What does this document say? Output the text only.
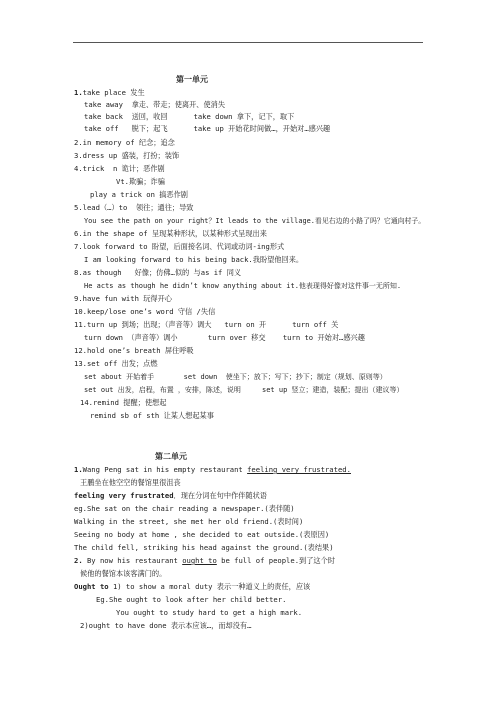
第一单元
1.take place 发生
take away  拿走、带走；使离开、使消失
take back  送回，收回      take down 拿下，记下，取下
take off   脱下；起飞      take up 开始花时间做…，开始对…感兴趣
2.in memory of 纪念；追念
3.dress up 盛装，打扮；装饰
4.trick  n 诡计；恶作剧
Vt.欺骗；诈骗
play a trick on 搞恶作剧
5.lead（…）to  领往；通往；导致
You see the path on your right？It leads to the village.看见右边的小路了吗？它通向村子。
6.in the shape of 呈现某种形状，以某种形式呈现出来
7.look forward to 盼望，后面接名词、代词或动词-ing形式
I am looking forward to his being back.我盼望他回来。
8.as though   好像；仿佛…似的 与as if 同义
He acts as though he didn’t know anything about it.他表现得好像对这件事一无所知.
9.have fun with 玩得开心
10.keep/lose one’s word 守信 /失信
11.turn up 到场；出现；（声音等）调大   turn on 开      turn off 关
turn down （声音等）调小       turn over 移交    turn to 开始对…感兴趣
12.hold one’s breath 屏住呼吸
13.set off 出发；点燃
set about 开始着手       set down  使坐下；放下；写下；抄下；制定（规划、原则等）
set out 出发，启程，布置 ，安排，陈述，说明     set up 竖立；建造，装配；提出（建议等）
14.remind 提醒；使想起
remind sb of sth 让某人想起某事
第二单元
1.Wang Peng sat in his empty restaurant feeling very frustrated.
王鹏坐在他空空的餐馆里很沮丧
feeling very frustrated．现在分词在句中作伴随状语
eg.She sat on the chair reading a newspaper.(表伴随)
Walking in the street, she met her old friend.(表时间)
Seeing no body at home , she decided to eat outside.(表原因)
The child fell, striking his head against the ground.(表结果)
2. By now his restaurant ought to be full of people.到了这个时
候他的餐馆本该客满门的。
Ought to 1) to show a moral duty 表示一种道义上的责任，应该
Eg.She ought to look after her child better.
You ought to study hard to get a high mark.
2)ought to have done 表示本应该…，而却没有…
